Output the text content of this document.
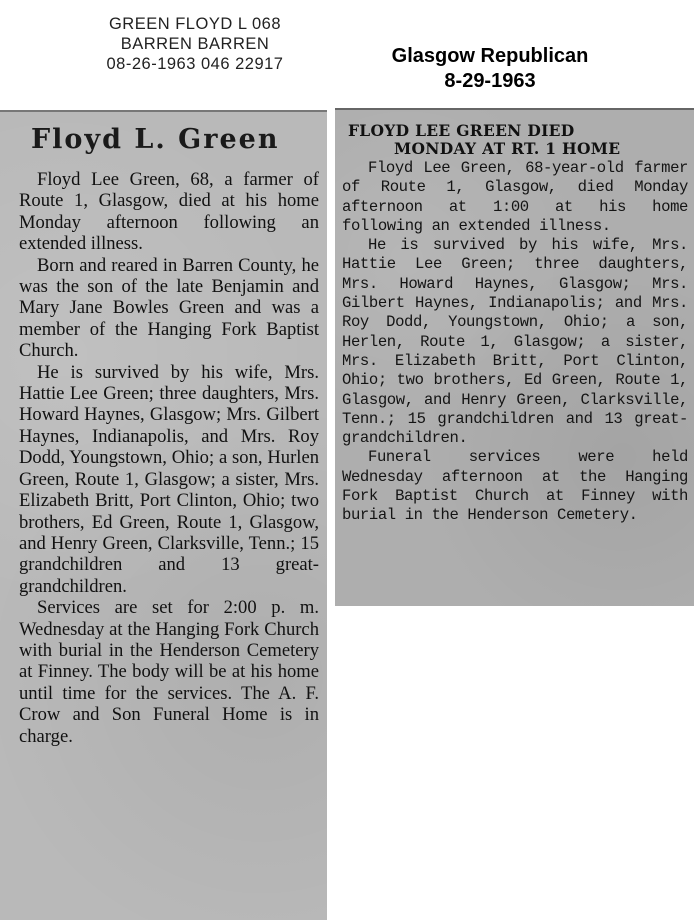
GREEN FLOYD L 068
BARREN BARREN
08-26-1963 046 22917	Glasgow Republican
8-29-1963
Floyd L. Green

Floyd Lee Green, 68, a farmer of Route 1, Glasgow, died at his home Monday afternoon following an extended illness.

Born and reared in Barren County, he was the son of the late Benjamin and Mary Jane Bowles Green and was a member of the Hanging Fork Baptist Church.

He is survived by his wife, Mrs. Hattie Lee Green; three daughters, Mrs. Howard Haynes, Glasgow; Mrs. Gilbert Haynes, Indianapolis, and Mrs. Roy Dodd, Youngstown, Ohio; a son, Hurlen Green, Route 1, Glasgow; a sister, Mrs. Elizabeth Britt, Port Clinton, Ohio; two brothers, Ed Green, Route 1, Glasgow, and Henry Green, Clarksville, Tenn.; 15 grandchildren and 13 great-grandchildren.

Services are set for 2:00 p. m. Wednesday at the Hanging Fork Church with burial in the Henderson Cemetery at Finney. The body will be at his home until time for the services. The A. F. Crow and Son Funeral Home is in charge.

FLOYD LEE GREEN DIED
MONDAY AT RT. 1 HOME

Floyd Lee Green, 68-year-old farmer of Route 1, Glasgow, died Monday afternoon at 1:00 at his home following an extended illness.

He is survived by his wife, Mrs. Hattie Lee Green; three daughters, Mrs. Howard Haynes, Glasgow; Mrs. Gilbert Haynes, Indianapolis; and Mrs. Roy Dodd, Youngstown, Ohio; a son, Herlen, Route 1, Glasgow; a sister, Mrs. Elizabeth Britt, Port Clinton, Ohio; two brothers, Ed Green, Route 1, Glasgow, and Henry Green, Clarksville, Tenn.; 15 grandchildren and 13 great-grandchildren.

Funeral services were held Wednesday afternoon at the Hanging Fork Baptist Church at Finney with burial in the Henderson Cemetery.
